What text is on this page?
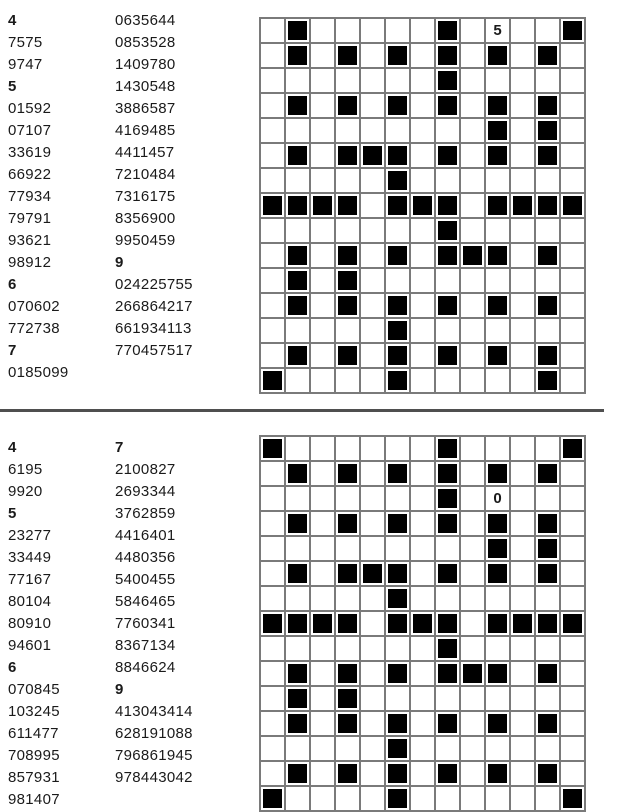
4
7575
9747
5
01592
07107
33619
66922
77934
79791
93621
98912
6
070602
772738
7
0185099
0635644
0853528
1409780
1430548
3886587
4169485
4411457
7210484
7316175
8356900
9950459
9
024225755
266864217
661934113
770457517
5
4
6195
9920
5
23277
33449
77167
80104
80910
94601
6
070845
103245
611477
708995
857931
981407
7
2100827
2693344
3762859
4416401
4480356
5400455
5846465
7760341
8367134
8846624
9
413043414
628191088
796861945
978443042
0
